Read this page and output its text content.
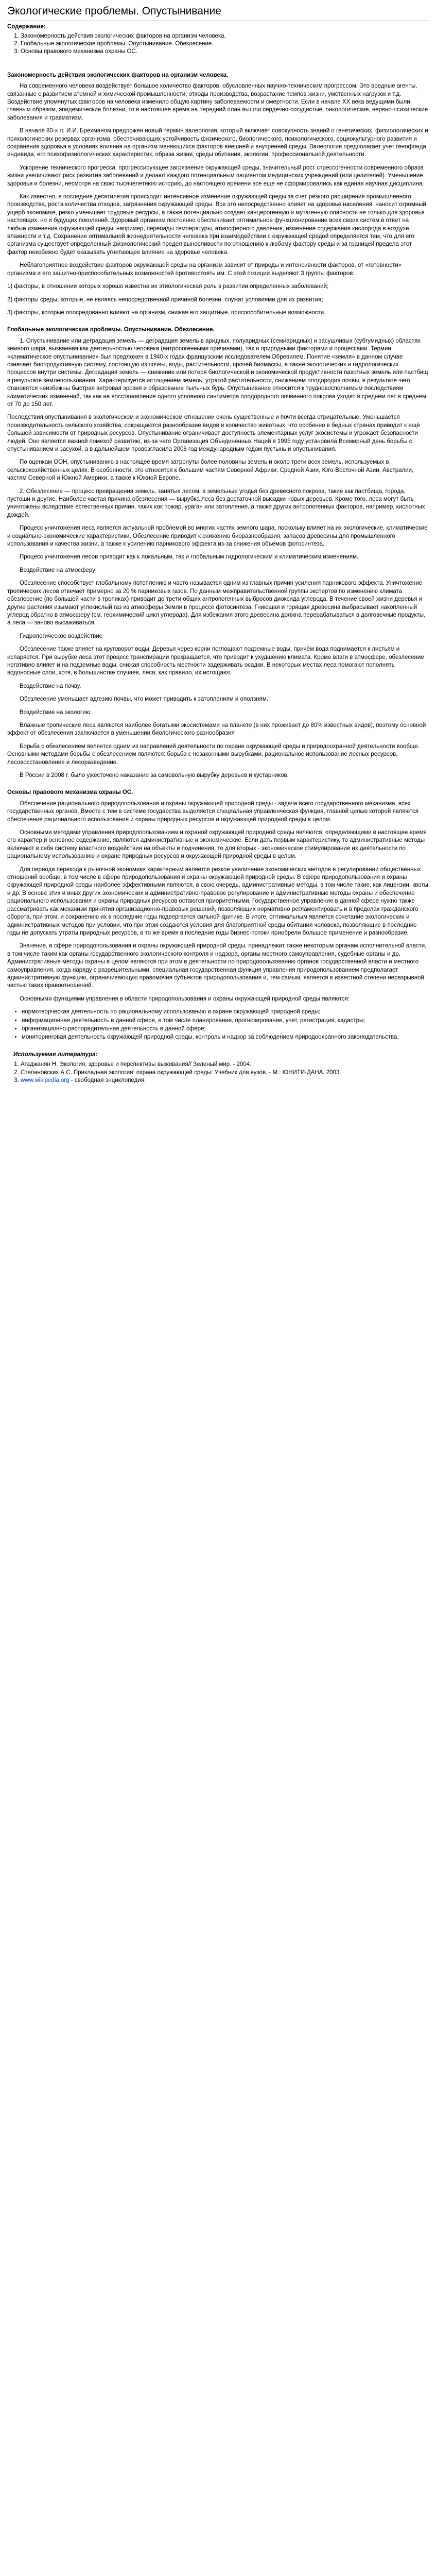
Экологические проблемы. Опустынивание
Содержание:
1. Закономерность действия экологических факторов на организм человека.
2. Глобальные экологические проблемы. Опустынивание. Обезлесение.
3. Основы правового механизма охраны ОС.
Закономерность действия экологических факторов на организм человека.

На современного человека воздействует большое количество факторов, обусловленных научно-техническим прогрессом. Это вредные агенты, связанные с развитием атомной и химической промышленности, отходы производства, возрастание темпов жизни, умственных нагрузок и т.д. Воздействие упомянутых факторов на человека изменило общую картину заболеваемости и смертности. Если в начале XX века ведущими были, главным образом, эпидемические болезни, то в настоящее время на передний план вышли сердечно-сосудистые, онкологические, нервно-психические заболевания и травматизм.

В начале 80-х гг. И.И. Брехманом предложен новый термин валеология, который включает совокупность знаний о генетических, физиологических и психологических резервах организма, обеспечивающих устойчивость физического, биологического, психологического, социокультурного развития и сохранения здоровья в условиях влияния на организм меняющихся факторов внешней и внутренней среды. Валеология предполагает учет генофонда индивида, его психофизиологических характеристик, образа жизни, среды обитания, экологии, профессиональной деятельности.

Ускорение технического прогресса, прогрессирующее загрязнение окружающей среды, значительный рост стрессогенности современного образа жизни увеличивают риск развития заболеваний и делают каждого потенциальным пациентом медицинских учреждений (или целителей). Уменьшение здоровья и болезни, несмотря на свою тысячелетнюю историю, до настоящего времени все еще не сформировались как единая научная дисциплина.

Как известно, в последние десятилетия происходит интенсивное изменение окружающей среды за счет резкого расширения промышленного производства, роста количества отходов, загрязнения окружающей среды. Все это непосредственно влияет на здоровье населения, наносит огромный ущерб экономике, резко уменьшает трудовые ресурсы, а также потенциально создает канцерогенную и мутагенную опасность не только для здоровья настоящих, но и будущих поколений. Здоровый организм постоянно обеспечивает оптимальное функционирование всех своих систем в ответ на любые изменения окружающей среды, например, перепады температуры, атмосферного давления, изменение содержания кислорода в воздухе, влажности и т.д. Сохранение оптимальной жизнедеятельности человека при взаимодействии с окружающей средой определяется тем, что для его организма существует определенный физиологический предел выносливости по отношению к любому фактору среды и за границей предела этот фактор неизбежно будет оказывать угнетающее влияние на здоровье человека.

Неблагоприятное воздействие факторов окружающей среды на организм зависит от природы и интенсивности факторов, от «готовности» организма и его защитно-приспособительных возможностей противостоять им. С этой позиции выделяют 3 группы факторов:

1) факторы, в отношении которых хорошо известна их этиологическая роль в развитии определенных заболеваний;

2) факторы среды, которые, не являясь непосредственной причиной болезни, служат условиями для их развития;

3) факторы, которые опосредованно влияют на организм, снижая его защитные, приспособительные возможности.

Глобальные экологические проблемы. Опустынивание. Обезлесение.

1. Опустынивание или деградация земель — деградация земель в аридных, полуаридных (семиаридных) и засушливых (субгумидных) областях земного шара, вызванная как деятельностью человека (антропогенными причинами), так и природными факторами и процессами. Термин «климатическое опустынивание» был предложен в 1940-х годах французским исследователем Обревилем. Понятие «земля» в данном случае означает биопродуктивную систему, состоящую из почвы, воды, растительности, прочей биомассы, а также экологических и гидрологических процессов внутри системы. Деградация земель — снижение или потеря биологической и экономической продуктивности пахотных земель или пастбищ в результате землепользования. Характеризуется истощением земель, утратой растительности, снижением плодородия почвы, в результате чего становятся неизбежны быстрая ветровая эрозия и образование пыльных бурь. Опустынивание относится к трудновосполнимым последствиям климатических изменений, так как на восстановление одного условного сантиметра плодородного почвенного покрова уходят в среднем лет в среднем от 70 до 150 лет.

Последствия опустынивания в экологическом и экономическом отношении очень существенные и почти всегда отрицательные. Уменьшается производительность сельского хозяйства, сокращаются разнообразие видов и количество животных, что особенно в бедных странах приводит к ещё большей зависимости от природных ресурсов. Опустынивание ограничивает доступность элементарных услуг экосистемы и угрожает безопасности людей. Оно является важной помехой развитию, из-за чего Организация Объединённых Наций в 1995 году установила Всемирный день борьбы с опустыниванием и засухой, а в дальнейшем провозгласила 2006 год международным годом пустынь и опустынивания.

По оценкам ООН, опустыниванию в настоящее время затронуты более половины земель и около трети всех земель, используемых в сельскохозяйственных целях. В особенности, это относится к большим частям Северной Африки, Средней Азии, Юго-Восточной Азии, Австралии, частям Северной и Южной Америки, а также к Южной Европе.

2. Обезлесение — процесс превращения земель, занятых лесом, в земельные угодья без древесного покрова, такие как пастбища, города, пустоши и другие. Наиболее частая причина обезлесения — вырубка леса без достаточной высадки новых деревьев. Кроме того, леса могут быть уничтожены вследствие естественных причин, таких как пожар, ураган или затопление, а также других антропогенных факторов, например, кислотных дождей.

Процесс уничтожения леса является актуальной проблемой во многих частях земного шара, поскольку влияет на их экологические, климатические и социально-экономические характеристики. Обезлесение приводит к снижению биоразнообразия, запасов древесины для промышленного использования и качества жизни, а также к усилению парникового эффекта из-за снижения объёмов фотосинтеза.

Процесс уничтожения лесов приводит как к локальным, так и глобальным гидрологическим и климатическим изменениям.

Воздействие на атмосферу

Обезлесение способствует глобальному потеплению и часто называется одним из главных причин усиления парникового эффекта. Уничтожение тропических лесов отвечает примерно за 20 % парниковых газов. По данным межправительственной группы экспертов по изменению климата обезлесение (по большей части в тропиках) приводит до трети общих антропогенных выбросов диоксида углерода. В течение своей жизни деревья и другие растения изымают углекислый газ из атмосферы Земли в процессе фотосинтеза. Гниющая и горящая древесина выбрасывает накопленный углерод обратно в атмосферу (см. геохимический цикл углерода). Для избежания этого древесина должна перерабатываться в долговечные продукты, а леса — заново высаживаться.

Гидрологическое воздействие

Обезлесение также влияет на круговорот воды. Деревья через корни поглощают подземные воды, причём вода поднимается к листьям и испаряется. При вырубке леса этот процесс транспирации прекращается, что приводит к ухудшению климата. Кроме влаги в атмосфере, обезлесение негативно влияет и на подземные воды, снижая способность местности задерживать осадки. В некоторых местах леса помогают пополнять водоносные слои, хотя, в большинстве случаев, леса, как правило, их истощают.

Воздействие на почву.

Обезлесение уменьшает адгезию почвы, что может приводить к затоплениям и оползням.

Воздействие на экологию.

Влажные тропические леса являются наиболее богатыми экосистемами на планете (в них проживает до 80% известных видов), поэтому основной эффект от обезлесения заключается в уменьшении биологического разнообразия

Борьба с обезлесением является одним из направлений деятельности по охране окружающей среды и природоохранной деятельности вообще. Основными методами борьбы с обезлесением являются: борьба с незаконными вырубками, рациональное использование лесных ресурсов, лесовосстановление и лесоразведение.

В России в 2008 г. было ужесточено наказание за самовольную вырубку деревьев и кустарников.

Основы правового механизма охраны ОС.

Обеспечение рационального природопользования и охраны окружающей природной среды - задача всего государственного механизма, всех государственных органов. Вместе с тем в системе государства выделяется специальная управленческая функция, главной целью которой являются обеспечение рационального использования и охраны природных ресурсов и окружающей природной среды в целом.

Основными методами управления природопользованием и охраной окружающей природной среды являются, определяющими в настоящее время его характер и основное содержание, являются административные и экономические. Если дать первым характеристику, то административные методы включают в себя систему властного воздействия на объекты и подчинения, то для вторых - экономическое стимулирование их деятельности по рациональному использованию и охране природных ресурсов и окружающей природной среды в целом.

Для периода перехода к рыночной экономике характерным является резкое увеличение экономических методов в регулировании общественных отношений вообще, в том числе в сфере природопользования и охраны окружающей природной среды. В сфере природопользования и охраны окружающей природной среды наиболее эффективными являются, в свою очередь, административные методы, в том числе такие, как лицензии, квоты и др. В основе этих и иных других экономических и административно-правовое регулирование и административные методы охраны и обеспечение рационального использования и охраны природных ресурсов остаются приоритетными. Государственное управление в данной сфере нужно также рассматривать как механизм принятия организационно-правовых решений, позволяющих нормативно регламентировать и в пределах гражданского оборота, при этом, и сохранению их в последние годы подвергается сильной критике. В итоге, оптимальным является сочетание экологических и административных методов при условии, что при этом создаются условия для благоприятной среды обитания человека, позволяющие в последние годы не допускать утраты природных ресурсов, в то же время в последние годы бизнес-потоки приобрели большое применение и разнообразие.

Значение, в сфере природопользования и охраны окружающей природной среды, принадлежит также некоторым органам исполнительной власти, в том числе таким как органы государственного экологического контроля и надзора, органы местного самоуправления, судебные органы и др. Административные методы охраны в целом являются при этом в деятельности по природопользованию органов государственной власти и местного самоуправления, когда наряду с разрешительными, специальная государственная функция управления природопользованием предполагает административную функцию, ограничивающую правомочия субъектов природопользования и, тем самым, является в известной степени неразрывной частью таких правоотношений.

Основными функциями управления в области природопользования и охраны окружающей природной среды являются:

• нормотворческая деятельность по рациональному использованию и охране окружающей природной среды;
• информационная деятельность в данной сфере, в том числе планирование, прогнозирование, учет, регистрация, кадастры;
• организационно-распорядительная деятельность в данной сфере;
• мониторинговая деятельность окружающей природной среды, контроль и надзор за соблюдением природоохранного законодательства.
Используемая литература:
1. Агаджанян Н. Экология, здоровье и перспективы выживания// Зеленый мир. - 2004.
2. Степановских А.С. Прикладная экология: охрана окружающей среды: Учебник для вузов. - М.: ЮНИТИ-ДАНА, 2003.
3. www.wikipedia.org - свободная энциклопедия.
